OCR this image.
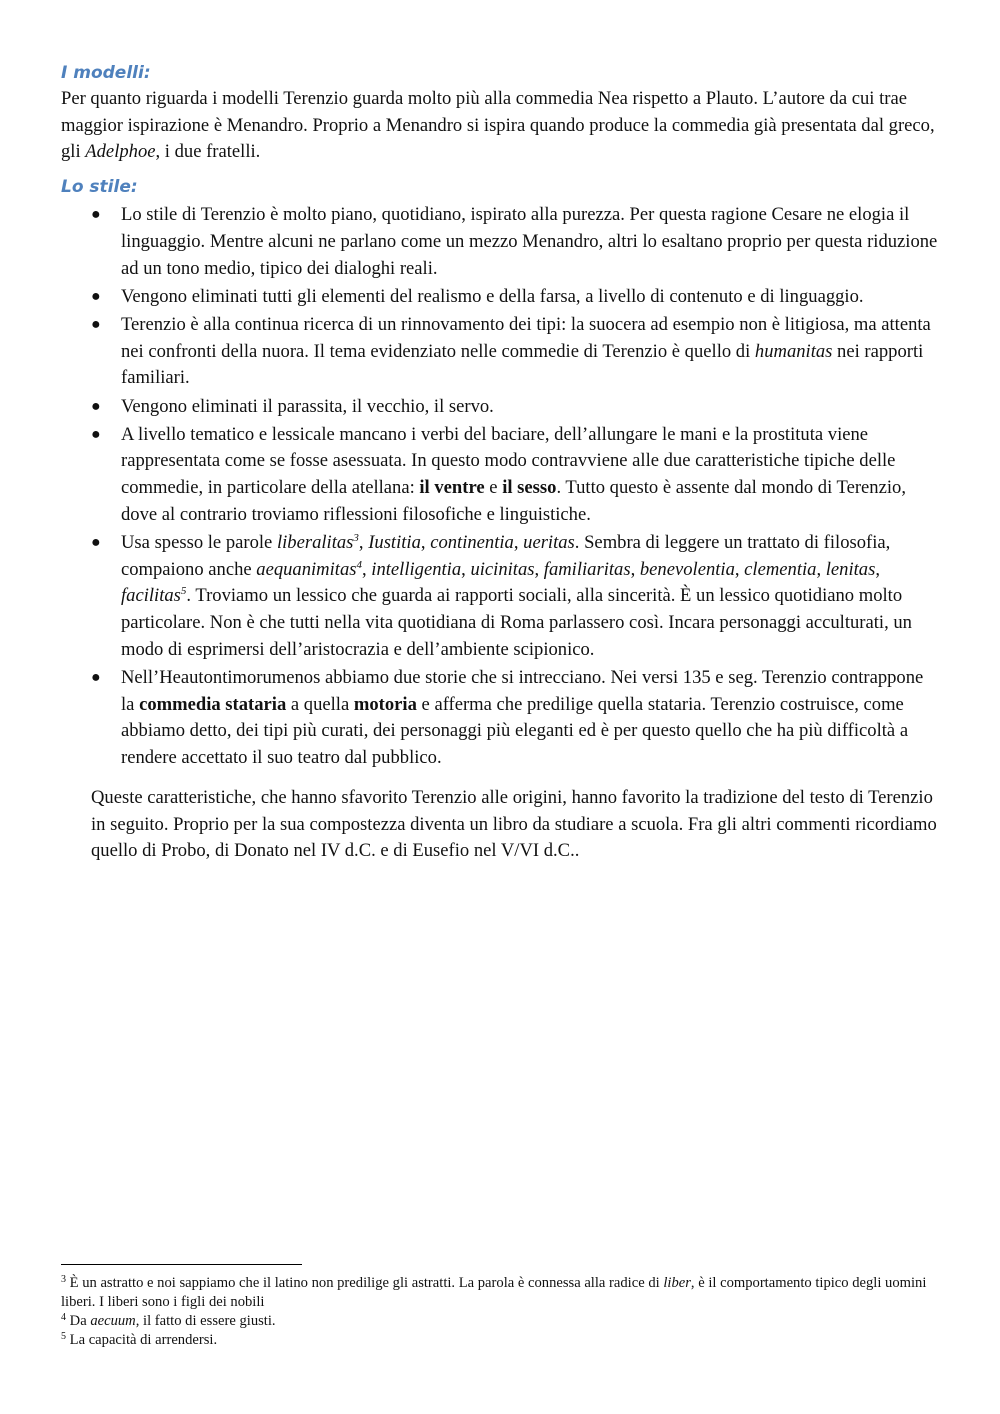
I modelli:

Per quanto riguarda i modelli Terenzio guarda molto più alla commedia Nea rispetto a Plauto. L’autore da cui trae maggior ispirazione è Menandro. Proprio a Menandro si ispira quando produce la commedia già presentata dal greco, gli Adelphoe, i due fratelli.

Lo stile:
● Lo stile di Terenzio è molto piano, quotidiano, ispirato alla purezza. Per questa ragione Cesare ne elogia il linguaggio. Mentre alcuni ne parlano come un mezzo Menandro, altri lo esaltano proprio per questa riduzione ad un tono medio, tipico dei dialoghi reali.
● Vengono eliminati tutti gli elementi del realismo e della farsa, a livello di contenuto e di linguaggio.
● Terenzio è alla continua ricerca di un rinnovamento dei tipi: la suocera ad esempio non è litigiosa, ma attenta nei confronti della nuora. Il tema evidenziato nelle commedie di Terenzio è quello di humanitas nei rapporti familiari.
● Vengono eliminati il parassita, il vecchio, il servo.
● A livello tematico e lessicale mancano i verbi del baciare, dell’allungare le mani e la prostituta viene rappresentata come se fosse asessuata. In questo modo contravviene alle due caratteristiche tipiche delle commedie, in particolare della atellana: il ventre e il sesso. Tutto questo è assente dal mondo di Terenzio, dove al contrario troviamo riflessioni filosofiche e linguistiche.
● Usa spesso le parole liberalitas$^3$, Iustitia, continentia, ueritas. Sembra di leggere un trattato di filosofia, compaiono anche aequanimitas$^4$, intelligentia, uicinitas, familiaritas, benevolentia, clementia, lenitas, facilitas$^5$. Troviamo un lessico che guarda ai rapporti sociali, alla sincerità. È un lessico quotidiano molto particolare. Non è che tutti nella vita quotidiana di Roma parlassero così. Incara personaggi acculturati, un modo di esprimersi dell’aristocrazia e dell’ambiente scipionico.
● Nell’Heautontimorumenos abbiamo due storie che si intrecciano. Nei versi 135 e seg. Terenzio contrappone la commedia stataria a quella motoria e afferma che predilige quella stataria. Terenzio costruisce, come abbiamo detto, dei tipi più curati, dei personaggi più eleganti ed è per questo quello che ha più difficoltà a rendere accettato il suo teatro dal pubblico.

Queste caratteristiche, che hanno sfavorito Terenzio alle origini, hanno favorito la tradizione del testo di Terenzio in seguito. Proprio per la sua compostezza diventa un libro da studiare a scuola. Fra gli altri commenti ricordiamo quello di Probo, di Donato nel IV d.C. e di Eusefio nel V/VI d.C..

$^3$ È un astratto e noi sappiamo che il latino non predilige gli astratti. La parola è connessa alla radice di liber, è il comportamento tipico degli uomini liberi. I liberi sono i figli dei nobili

$^4$ Da aecuum, il fatto di essere giusti.

$^5$ La capacità di arrendersi.
